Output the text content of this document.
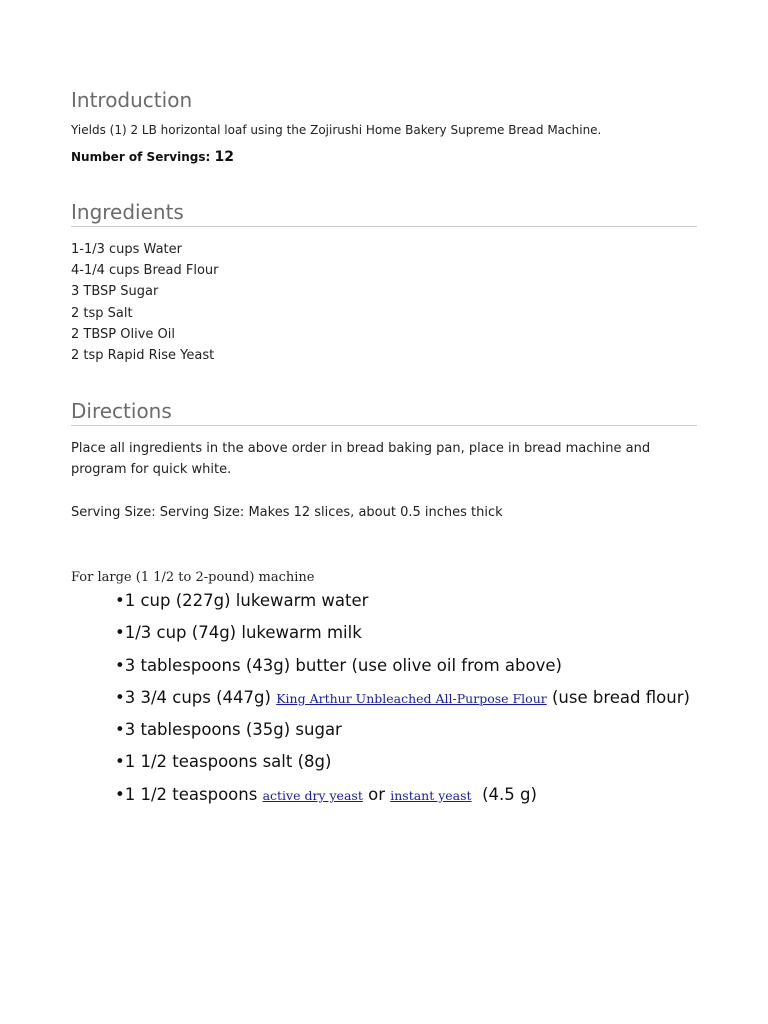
Introduction
Yields (1) 2 LB horizontal loaf using the Zojirushi Home Bakery Supreme Bread Machine.
Number of Servings: 12
Ingredients
1-1/3 cups Water
4-1/4 cups Bread Flour
3 TBSP Sugar
2 tsp Salt
2 TBSP Olive Oil
2 tsp Rapid Rise Yeast
Directions

Place all ingredients in the above order in bread baking pan, place in bread machine and program for quick white.

Serving Size: Serving Size: Makes 12 slices, about 0.5 inches thick
For large (1 1/2 to 2-pound) machine
•1 cup (227g) lukewarm water
•1/3 cup (74g) lukewarm milk
•3 tablespoons (43g) butter (use olive oil from above)
•3 3/4 cups (447g) King Arthur Unbleached All-Purpose Flour (use bread flour)
•3 tablespoons (35g) sugar
•1 1/2 teaspoons salt (8g)
•1 1/2 teaspoons active dry yeast or instant yeast  (4.5 g)
